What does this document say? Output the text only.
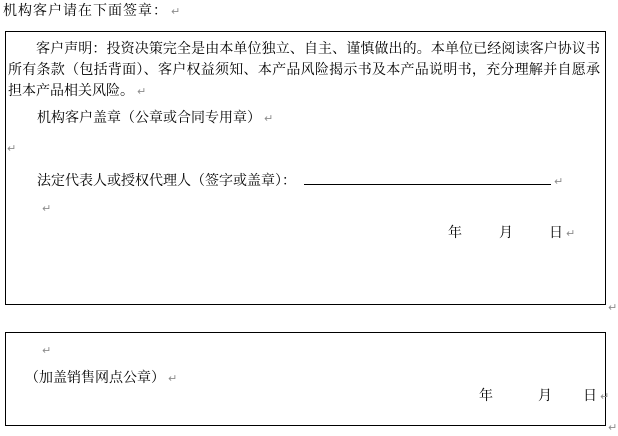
机构客户请在下面签章： ↵
客户声明：投资决策完全是由本单位独立、自主、谨慎做出的。本单位已经阅读客户协议书所有条款（包括背面）、客户权益须知、本产品风险揭示书及本产品说明书，充分理解并自愿承担本产品相关风险。 ↵
机构客户盖章（公章或合同专用章） ↵
↵
法定代表人或授权代理人（签字或盖章）：	↵
↵
年	月	日 ↵
↵
↵
（加盖销售网点公章） ↵
年	月 日 ↵
↵
